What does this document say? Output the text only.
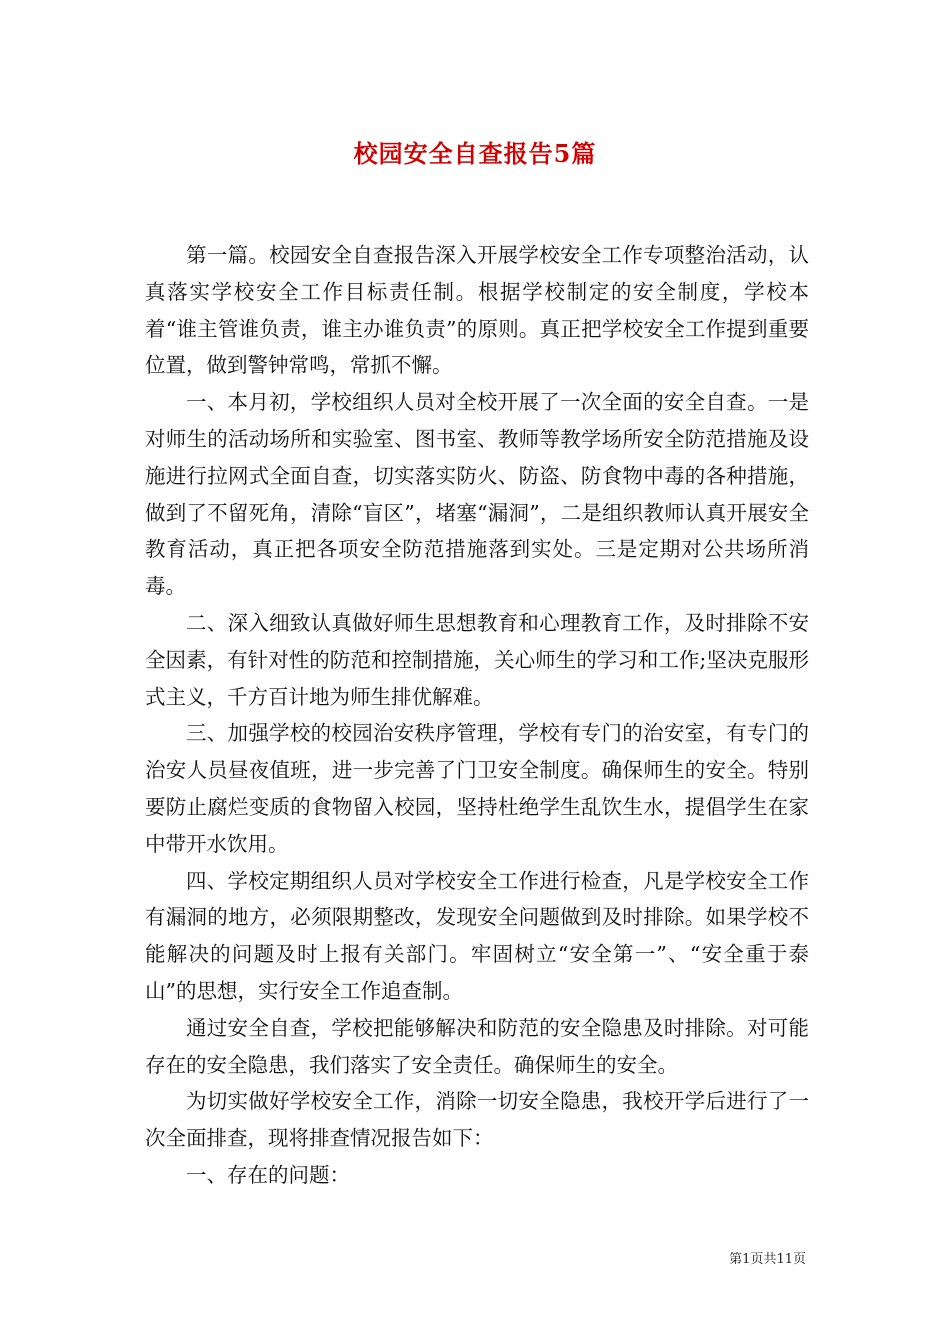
校园安全自查报告5篇

第一篇。校园安全自查报告深入开展学校安全工作专项整治活动，认真落实学校安全工作目标责任制。根据学校制定的安全制度，学校本着“谁主管谁负责，谁主办谁负责”的原则。真正把学校安全工作提到重要位置，做到警钟常鸣，常抓不懈。

一、本月初，学校组织人员对全校开展了一次全面的安全自查。一是对师生的活动场所和实验室、图书室、教师等教学场所安全防范措施及设施进行拉网式全面自查，切实落实防火、防盗、防食物中毒的各种措施，做到了不留死角，清除“盲区”，堵塞“漏洞”，二是组织教师认真开展安全教育活动，真正把各项安全防范措施落到实处。三是定期对公共场所消毒。

二、深入细致认真做好师生思想教育和心理教育工作，及时排除不安全因素，有针对性的防范和控制措施，关心师生的学习和工作;坚决克服形式主义，千方百计地为师生排优解难。

三、加强学校的校园治安秩序管理，学校有专门的治安室，有专门的治安人员昼夜值班，进一步完善了门卫安全制度。确保师生的安全。特别要防止腐烂变质的食物留入校园，坚持杜绝学生乱饮生水，提倡学生在家中带开水饮用。

四、学校定期组织人员对学校安全工作进行检查，凡是学校安全工作有漏洞的地方，必须限期整改，发现安全问题做到及时排除。如果学校不能解决的问题及时上报有关部门。牢固树立“安全第一”、“安全重于泰山”的思想，实行安全工作追查制。

通过安全自查，学校把能够解决和防范的安全隐患及时排除。对可能存在的安全隐患，我们落实了安全责任。确保师生的安全。

为切实做好学校安全工作，消除一切安全隐患，我校开学后进行了一次全面排查，现将排查情况报告如下：

一、存在的问题：

第1页共11页
